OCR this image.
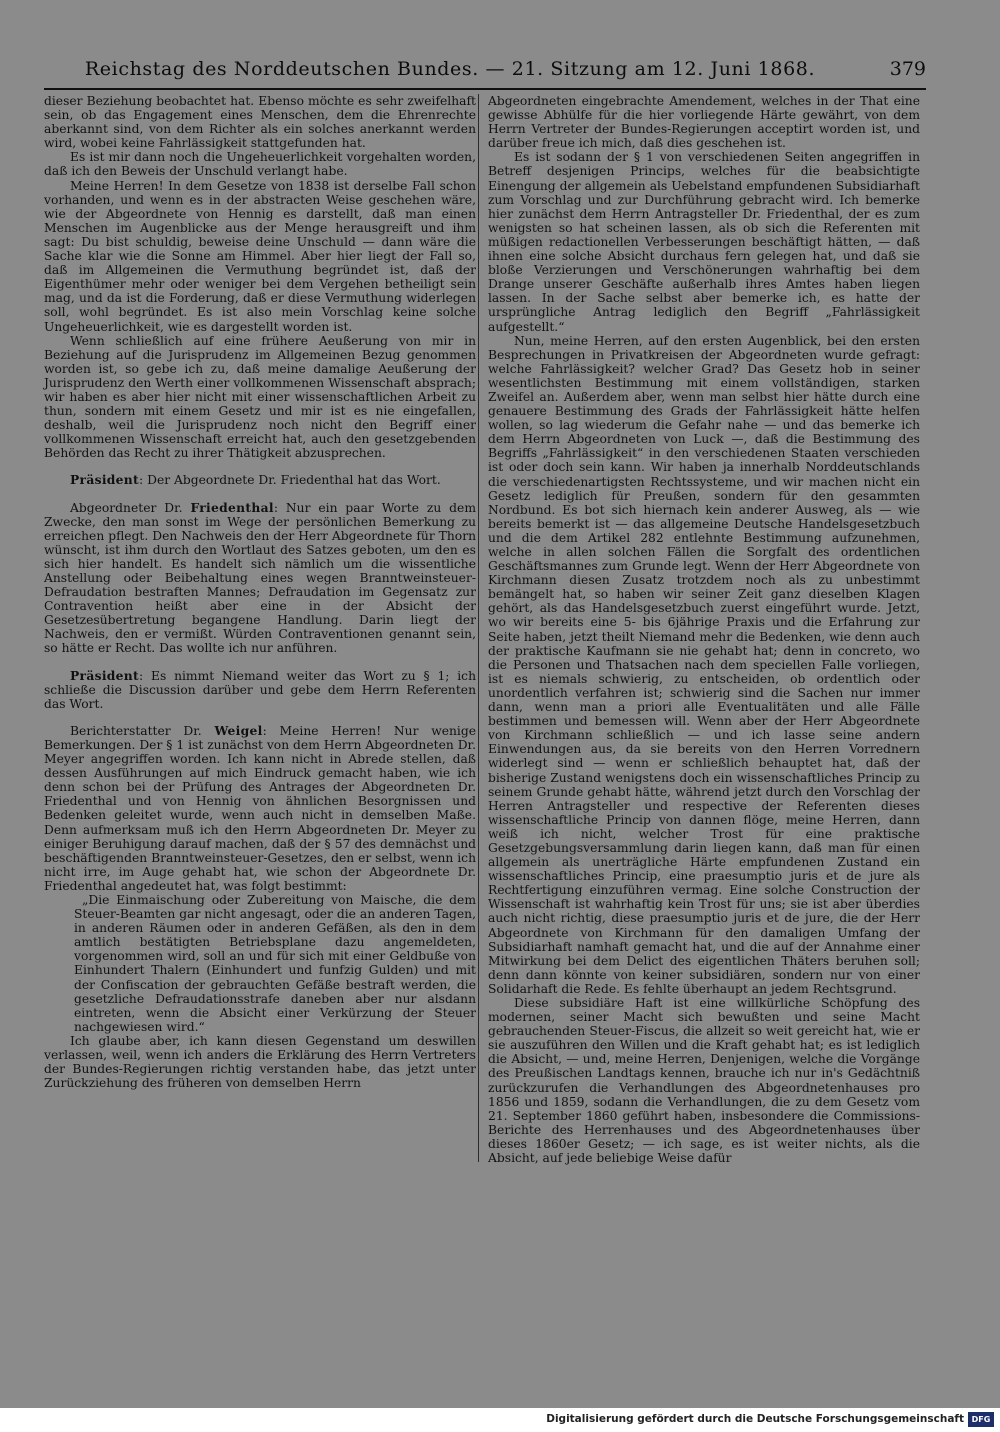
Reichstag des Norddeutschen Bundes. — 21. Sitzung am 12. Juni 1868.	379

dieser Beziehung beobachtet hat. Ebenso möchte es sehr zweifelhaft sein, ob das Engagement eines Menschen, dem die Ehrenrechte aberkannt sind, von dem Richter als ein solches anerkannt werden wird, wobei keine Fahrlässigkeit stattgefunden hat.

Es ist mir dann noch die Ungeheuerlichkeit vorgehalten worden, daß ich den Beweis der Unschuld verlangt habe.

Meine Herren! In dem Gesetze von 1838 ist derselbe Fall schon vorhanden, und wenn es in der abstracten Weise geschehen wäre, wie der Abgeordnete von Hennig es darstellt, daß man einen Menschen im Augenblicke aus der Menge herausgreift und ihm sagt: Du bist schuldig, beweise deine Unschuld — dann wäre die Sache klar wie die Sonne am Himmel. Aber hier liegt der Fall so, daß im Allgemeinen die Vermuthung begründet ist, daß der Eigenthümer mehr oder weniger bei dem Vergehen betheiligt sein mag, und da ist die Forderung, daß er diese Vermuthung widerlegen soll, wohl begründet. Es ist also mein Vorschlag keine solche Ungeheuerlichkeit, wie es dargestellt worden ist.

Wenn schließlich auf eine frühere Aeußerung von mir in Beziehung auf die Jurisprudenz im Allgemeinen Bezug genommen worden ist, so gebe ich zu, daß meine damalige Aeußerung der Jurisprudenz den Werth einer vollkommenen Wissenschaft absprach; wir haben es aber hier nicht mit einer wissenschaftlichen Arbeit zu thun, sondern mit einem Gesetz und mir ist es nie eingefallen, deshalb, weil die Jurisprudenz noch nicht den Begriff einer vollkommenen Wissenschaft erreicht hat, auch den gesetzgebenden Behörden das Recht zu ihrer Thätigkeit abzusprechen.

Präsident: Der Abgeordnete Dr. Friedenthal hat das Wort.

Abgeordneter Dr. Friedenthal: Nur ein paar Worte zu dem Zwecke, den man sonst im Wege der persönlichen Bemerkung zu erreichen pflegt. Den Nachweis den der Herr Abgeordnete für Thorn wünscht, ist ihm durch den Wortlaut des Satzes geboten, um den es sich hier handelt. Es handelt sich nämlich um die wissentliche Anstellung oder Beibehaltung eines wegen Branntweinsteuer-Defraudation bestraften Mannes; Defraudation im Gegensatz zur Contravention heißt aber eine in der Absicht der Gesetzesübertretung begangene Handlung. Darin liegt der Nachweis, den er vermißt. Würden Contraventionen genannt sein, so hätte er Recht. Das wollte ich nur anführen.

Präsident: Es nimmt Niemand weiter das Wort zu § 1; ich schließe die Discussion darüber und gebe dem Herrn Referenten das Wort.

Berichterstatter Dr. Weigel: Meine Herren! Nur wenige Bemerkungen. Der § 1 ist zunächst von dem Herrn Abgeordneten Dr. Meyer angegriffen worden. Ich kann nicht in Abrede stellen, daß dessen Ausführungen auf mich Eindruck gemacht haben, wie ich denn schon bei der Prüfung des Antrages der Abgeordneten Dr. Friedenthal und von Hennig von ähnlichen Besorgnissen und Bedenken geleitet wurde, wenn auch nicht in demselben Maße. Denn aufmerksam muß ich den Herrn Abgeordneten Dr. Meyer zu einiger Beruhigung darauf machen, daß der § 57 des demnächst und beschäftigenden Branntweinsteuer-Gesetzes, den er selbst, wenn ich nicht irre, im Auge gehabt hat, wie schon der Abgeordnete Dr. Friedenthal angedeutet hat, was folgt bestimmt:

„Die Einmaischung oder Zubereitung von Maische, die dem Steuer-Beamten gar nicht angesagt, oder die an anderen Tagen, in anderen Räumen oder in anderen Gefäßen, als den in dem amtlich bestätigten Betriebsplane dazu angemeldeten, vorgenommen wird, soll an und für sich mit einer Geldbuße von Einhundert Thalern (Einhundert und funfzig Gulden) und mit der Confiscation der gebrauchten Gefäße bestraft werden, die gesetzliche Defraudationsstrafe daneben aber nur alsdann eintreten, wenn die Absicht einer Verkürzung der Steuer nachgewiesen wird.“

Ich glaube aber, ich kann diesen Gegenstand um deswillen verlassen, weil, wenn ich anders die Erklärung des Herrn Vertreters der Bundes-Regierungen richtig verstanden habe, das jetzt unter Zurückziehung des früheren von demselben Herrn

Abgeordneten eingebrachte Amendement, welches in der That eine gewisse Abhülfe für die hier vorliegende Härte gewährt, von dem Herrn Vertreter der Bundes-Regierungen acceptirt worden ist, und darüber freue ich mich, daß dies geschehen ist.

Es ist sodann der § 1 von verschiedenen Seiten angegriffen in Betreff desjenigen Princips, welches für die beabsichtigte Einengung der allgemein als Uebelstand empfundenen Subsidiarhaft zum Vorschlag und zur Durchführung gebracht wird. Ich bemerke hier zunächst dem Herrn Antragsteller Dr. Friedenthal, der es zum wenigsten so hat scheinen lassen, als ob sich die Referenten mit müßigen redactionellen Verbesserungen beschäftigt hätten, — daß ihnen eine solche Absicht durchaus fern gelegen hat, und daß sie bloße Verzierungen und Verschönerungen wahrhaftig bei dem Drange unserer Geschäfte außerhalb ihres Amtes haben liegen lassen. In der Sache selbst aber bemerke ich, es hatte der ursprüngliche Antrag lediglich den Begriff „Fahrlässigkeit aufgestellt.“

Nun, meine Herren, auf den ersten Augenblick, bei den ersten Besprechungen in Privatkreisen der Abgeordneten wurde gefragt: welche Fahrlässigkeit? welcher Grad? Das Gesetz hob in seiner wesentlichsten Bestimmung mit einem vollständigen, starken Zweifel an. Außerdem aber, wenn man selbst hier hätte durch eine genauere Bestimmung des Grads der Fahrlässigkeit hätte helfen wollen, so lag wiederum die Gefahr nahe — und das bemerke ich dem Herrn Abgeordneten von Luck —, daß die Bestimmung des Begriffs „Fahrlässigkeit“ in den verschiedenen Staaten verschieden ist oder doch sein kann. Wir haben ja innerhalb Norddeutschlands die verschiedenartigsten Rechtssysteme, und wir machen nicht ein Gesetz lediglich für Preußen, sondern für den gesammten Nordbund. Es bot sich hiernach kein anderer Ausweg, als — wie bereits bemerkt ist — das allgemeine Deutsche Handelsgesetzbuch und die dem Artikel 282 entlehnte Bestimmung aufzunehmen, welche in allen solchen Fällen die Sorgfalt des ordentlichen Geschäftsmannes zum Grunde legt. Wenn der Herr Abgeordnete von Kirchmann diesen Zusatz trotzdem noch als zu unbestimmt bemängelt hat, so haben wir seiner Zeit ganz dieselben Klagen gehört, als das Handelsgesetzbuch zuerst eingeführt wurde. Jetzt, wo wir bereits eine 5- bis 6jährige Praxis und die Erfahrung zur Seite haben, jetzt theilt Niemand mehr die Bedenken, wie denn auch der praktische Kaufmann sie nie gehabt hat; denn in concreto, wo die Personen und Thatsachen nach dem speciellen Falle vorliegen, ist es niemals schwierig, zu entscheiden, ob ordentlich oder unordentlich verfahren ist; schwierig sind die Sachen nur immer dann, wenn man a priori alle Eventualitäten und alle Fälle bestimmen und bemessen will. Wenn aber der Herr Abgeordnete von Kirchmann schließlich — und ich lasse seine andern Einwendungen aus, da sie bereits von den Herren Vorrednern widerlegt sind — wenn er schließlich behauptet hat, daß der bisherige Zustand wenigstens doch ein wissenschaftliches Princip zu seinem Grunde gehabt hätte, während jetzt durch den Vorschlag der Herren Antragsteller und respective der Referenten dieses wissenschaftliche Princip von dannen flöge, meine Herren, dann weiß ich nicht, welcher Trost für eine praktische Gesetzgebungsversammlung darin liegen kann, daß man für einen allgemein als unerträgliche Härte empfundenen Zustand ein wissenschaftliches Princip, eine praesumptio juris et de jure als Rechtfertigung einzuführen vermag. Eine solche Construction der Wissenschaft ist wahrhaftig kein Trost für uns; sie ist aber überdies auch nicht richtig, diese praesumptio juris et de jure, die der Herr Abgeordnete von Kirchmann für den damaligen Umfang der Subsidiarhaft namhaft gemacht hat, und die auf der Annahme einer Mitwirkung bei dem Delict des eigentlichen Thäters beruhen soll; denn dann könnte von keiner subsidiären, sondern nur von einer Solidarhaft die Rede. Es fehlte überhaupt an jedem Rechtsgrund.

Diese subsidiäre Haft ist eine willkürliche Schöpfung des modernen, seiner Macht sich bewußten und seine Macht gebrauchenden Steuer-Fiscus, die allzeit so weit gereicht hat, wie er sie auszuführen den Willen und die Kraft gehabt hat; es ist lediglich die Absicht, — und, meine Herren, Denjenigen, welche die Vorgänge des Preußischen Landtags kennen, brauche ich nur in's Gedächtniß zurückzurufen die Verhandlungen des Abgeordnetenhauses pro 1856 und 1859, sodann die Verhandlungen, die zu dem Gesetz vom 21. September 1860 geführt haben, insbesondere die Commissions-Berichte des Herrenhauses und des Abgeordnetenhauses über dieses 1860er Gesetz; — ich sage, es ist weiter nichts, als die Absicht, auf jede beliebige Weise dafür

Digitalisierung gefördert durch die Deutsche Forschungsgemeinschaft DFG
